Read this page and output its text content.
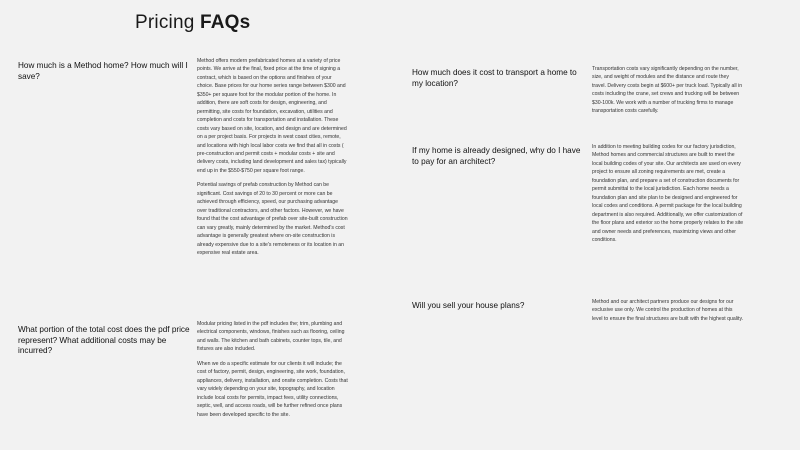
Pricing FAQs
How much is a Method home? How much will I save?

Method offers modern prefabricated homes at a variety of price points. We arrive at the final, fixed price at the time of signing a contract, which is based on the options and finishes of your choice. Base prices for our home series range between $300 and $350+ per square foot for the modular portion of the home. In addition, there are soft costs for design, engineering, and permitting, site costs for foundation, excavation, utilities and completion and costs for transportation and installation. These costs vary based on site, location, and design and are determined on a per project basis. For projects in west coast cities, remote, and locations with high local labor costs we find that all in costs ( pre-construction and permit costs + modular costs + site and delivery costs, including land development and sales tax) typically end up in the $550-$750 per square foot range.

Potential savings of prefab construction by Method can be significant. Cost savings of 20 to 30 percent or more can be achieved through efficiency, speed, our purchasing advantage over traditional contractors, and other factors. However, we have found that the cost advantage of prefab over site-built construction can vary greatly, mainly determined by the market. Method's cost advantage is generally greatest where on-site construction is already expensive due to a site's remoteness or its location in an expensive real estate area.

What portion of the total cost does the pdf price represent? What additional costs may be incurred?

Modular pricing listed in the pdf includes the; trim, plumbing and electrical components, windows, finishes such as flooring, ceiling and walls. The kitchen and bath cabinets, counter tops, tile, and fixtures are also included.

When we do a specific estimate for our clients it will include; the cost of factory, permit, design, engineering, site work, foundation, appliances, delivery, installation, and onsite completion. Costs that vary widely depending on your site, topography, and location include local costs for permits, impact fees, utility connections, septic, well, and access roads, will be further refined once plans have been developed specific to the site.

How much does it cost to transport a home to my location?

Transportation costs vary significantly depending on the number, size, and weight of modules and the distance and route they travel. Delivery costs begin at $600+ per truck load. Typically all in costs including the crane, set crews and trucking will be between $30-100k. We work with a number of trucking firms to manage transportation costs carefully.

If my home is already designed, why do I have to pay for an architect?

In addition to meeting building codes for our factory jurisdiction, Method homes and commercial structures are built to meet the local building codes of your site. Our architects are used on every project to ensure all zoning requirements are met, create a foundation plan, and prepare a set of construction documents for permit submittal to the local jurisdiction. Each home needs a foundation plan and site plan to be designed and engineered for local codes and conditions. A permit package for the local building department is also required. Additionally, we offer customization of the floor plans and exterior so the home properly relates to the site and owner needs and preferences, maximizing views and other conditions.

Will you sell your house plans?	Method and our architect partners produce our designs for our exclusive use only. We control the production of homes at this level to ensure the final structures are built with the highest quality.
